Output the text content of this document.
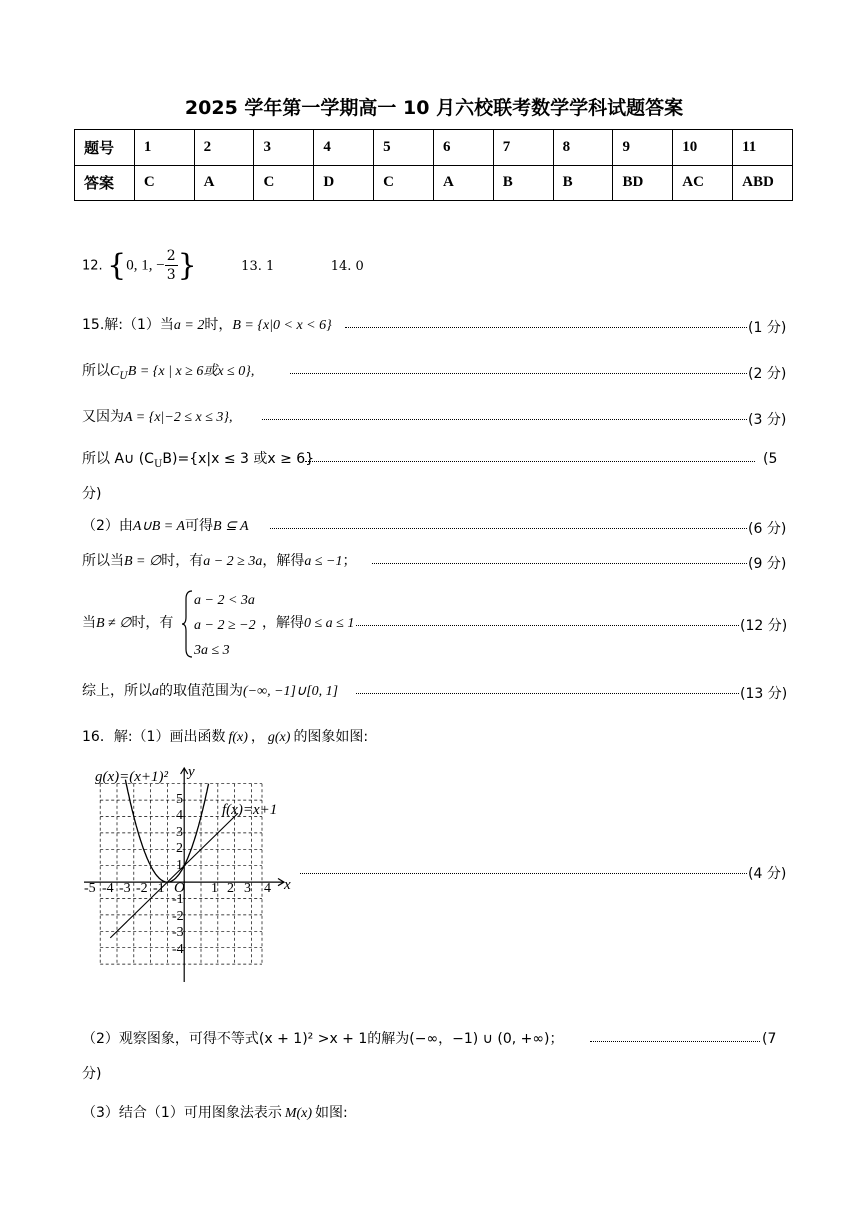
2025 学年第一学期高一 10 月六校联考数学学科试题答案
题号	1	2	3	4	5	6	7	8	9	10	11
答案	C	A	C	D	C	A	B	B	BD	AC	ABD
12. {0, 1, − $\frac{2}{3}$ }	13. 1	14. 0
15.解:（1）当a = 2时，B = {x|0 < x < 6}	(1 分)
所以$C_UB = \{x$ | x ≥ 6或x ≤ 0},	(2 分)
又因为A = {x|−2 ≤ x ≤ 3},	(3 分)
所以 A∪ $(C_UB)=\{x|x \le 3$ 或x ≥ 6}	(5
分)
（2）由A∪B = A可得B ⊆ A	(6 分)
所以当B = ∅时，有a − 2 ≥ 3a，解得a ≤ −1；	(9 分)
当B ≠ ∅时，有
a − 2 < 3a
a − 2 ≥ −2
3a ≤ 3
，解得0 ≤ a ≤ 1	(12 分)
综上，所以a的取值范围为(−∞, −1]∪[0, 1]	(13 分)
16．解:（1）画出函数 f(x) ， g(x) 的图象如图:
g(x)=(x+1)² y
f(x)=x+1
x
O
-5 -4 -3 -2 -1	1 2 3 4
5
4
3
2
1
-1
-2
-3
-4
(4 分)
（2）观察图象，可得不等式(x + 1)² >x + 1的解为(−∞，−1) ∪ (0, +∞)；	(7
分)
（3）结合（1）可用图象法表示 M(x) 如图:
